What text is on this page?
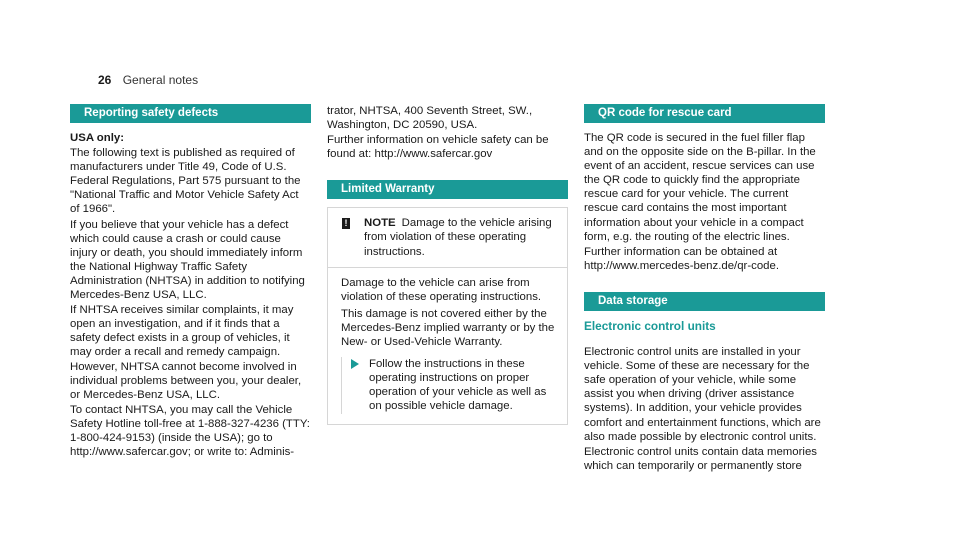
26 General notes
Reporting safety defects

USA only:

The following text is published as required of manufacturers under Title 49, Code of U.S. Federal Regulations, Part 575 pursuant to the "National Traffic and Motor Vehicle Safety Act of 1966".

If you believe that your vehicle has a defect which could cause a crash or could cause injury or death, you should immediately inform the National Highway Traffic Safety Administration (NHTSA) in addition to notifying Mercedes-Benz USA, LLC.

If NHTSA receives similar complaints, it may open an investigation, and if it finds that a safety defect exists in a group of vehicles, it may order a recall and remedy campaign. However, NHTSA cannot become involved in individual problems between you, your dealer, or Mercedes-Benz USA, LLC.

To contact NHTSA, you may call the Vehicle Safety Hotline toll-free at 1-888-327-4236 (TTY: 1-800-424-9153) (inside the USA); go to http://www.safercar.gov; or write to: Adminis-

trator, NHTSA, 400 Seventh Street, SW., Washington, DC 20590, USA.

Further information on vehicle safety can be found at: http://www.safercar.gov

Limited Warranty
! NOTE Damage to the vehicle arising from violation of these operating instructions.

Damage to the vehicle can arise from violation of these operating instructions.

This damage is not covered either by the Mercedes-Benz implied warranty or by the New- or Used-Vehicle Warranty.

Follow the instructions in these operating instructions on proper operation of your vehicle as well as on possible vehicle damage.
QR code for rescue card

The QR code is secured in the fuel filler flap and on the opposite side on the B-pillar. In the event of an accident, rescue services can use the QR code to quickly find the appropriate rescue card for your vehicle. The current rescue card contains the most important information about your vehicle in a compact form, e.g. the routing of the electric lines.

Further information can be obtained at http://www.mercedes-benz.de/qr-code.

Data storage
Electronic control units

Electronic control units are installed in your vehicle. Some of these are necessary for the safe operation of your vehicle, while some assist you when driving (driver assistance systems). In addition, your vehicle provides comfort and entertainment functions, which are also made possible by electronic control units.

Electronic control units contain data memories which can temporarily or permanently store
